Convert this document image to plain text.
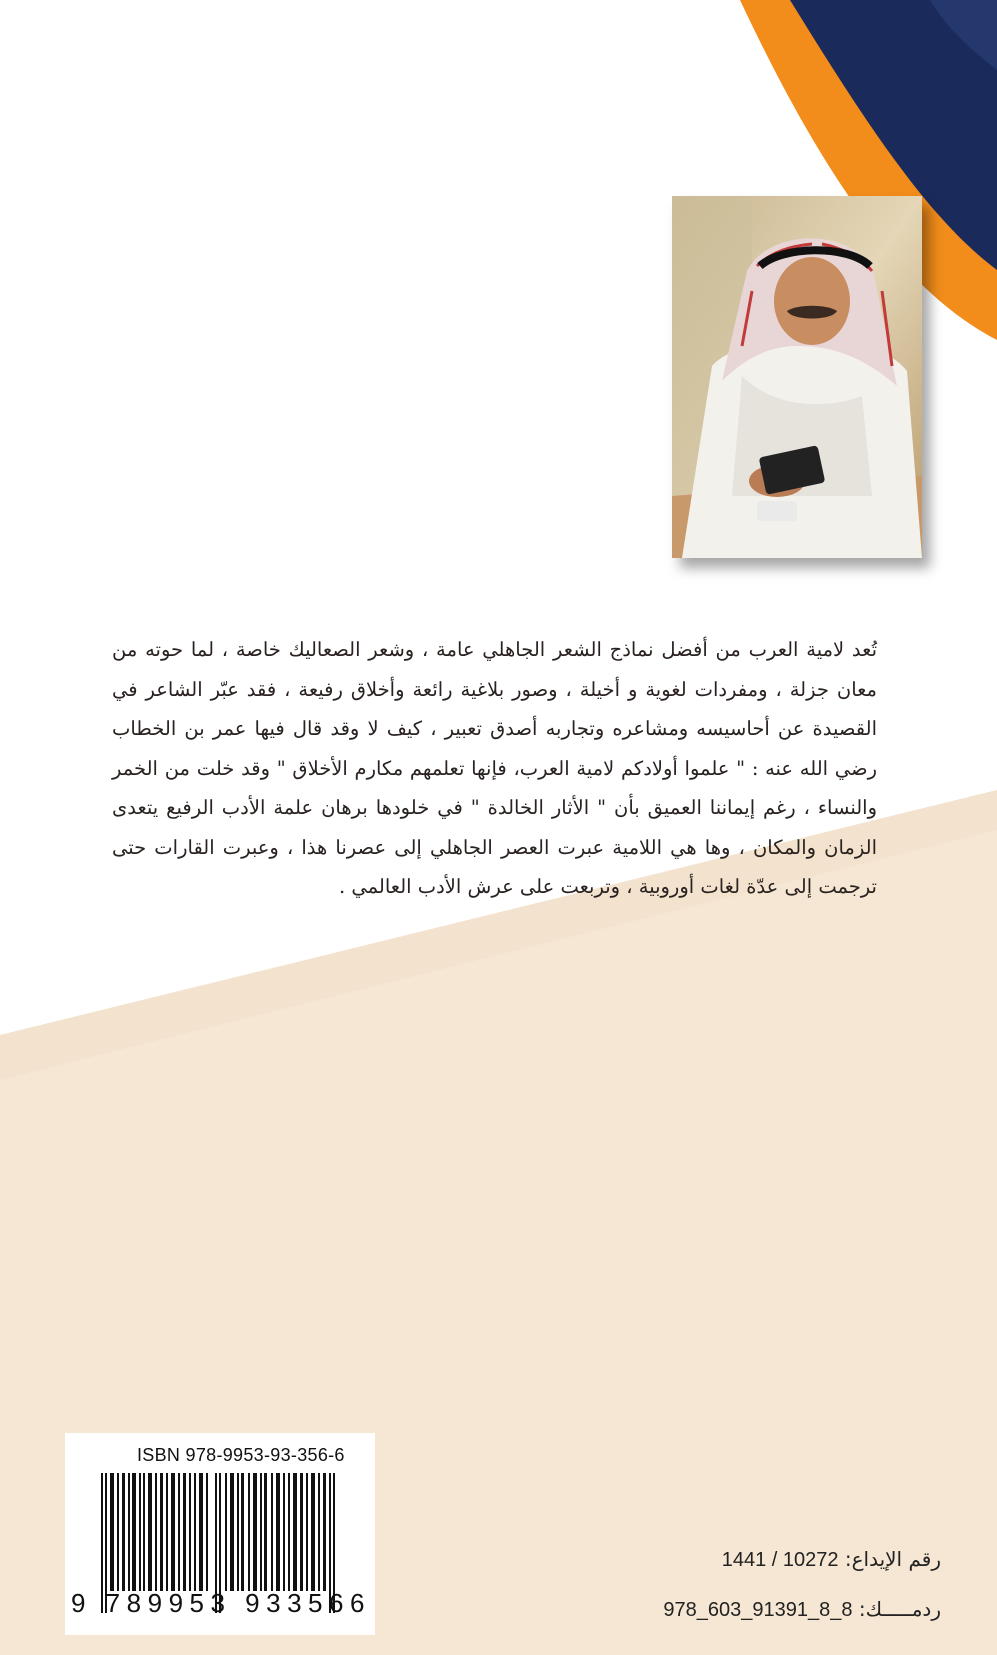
تُعد لامية العرب من أفضل نماذج الشعر الجاهلي عامة ، وشعر الصعاليك خاصة ، لما حوته من معان جزلة ، ومفردات لغوية و أخيلة ، وصور بلاغية رائعة وأخلاق رفيعة ، فقد عبّر الشاعر في القصيدة عن أحاسيسه ومشاعره وتجاربه أصدق تعبير ، كيف لا وقد قال فيها عمر بن الخطاب رضي الله عنه : " علموا أولادكم لامية العرب، فإنها تعلمهم مكارم الأخلاق " وقد خلت من الخمر والنساء ، رغم إيماننا العميق بأن " الأثار الخالدة " في خلودها برهان علمة الأدب الرفيع يتعدى الزمان والمكان ، وها هي اللامية عبرت العصر الجاهلي إلى عصرنا هذا ، وعبرت القارات حتى ترجمت إلى عدّة لغات أوروبية ، وتربعت على عرش الأدب العالمي .
ISBN 978-9953-93-356-6
9 789953 933566
رقم الإيداع: 1441 / 10272
ردمـــــك: 978_603_91391_8_8
